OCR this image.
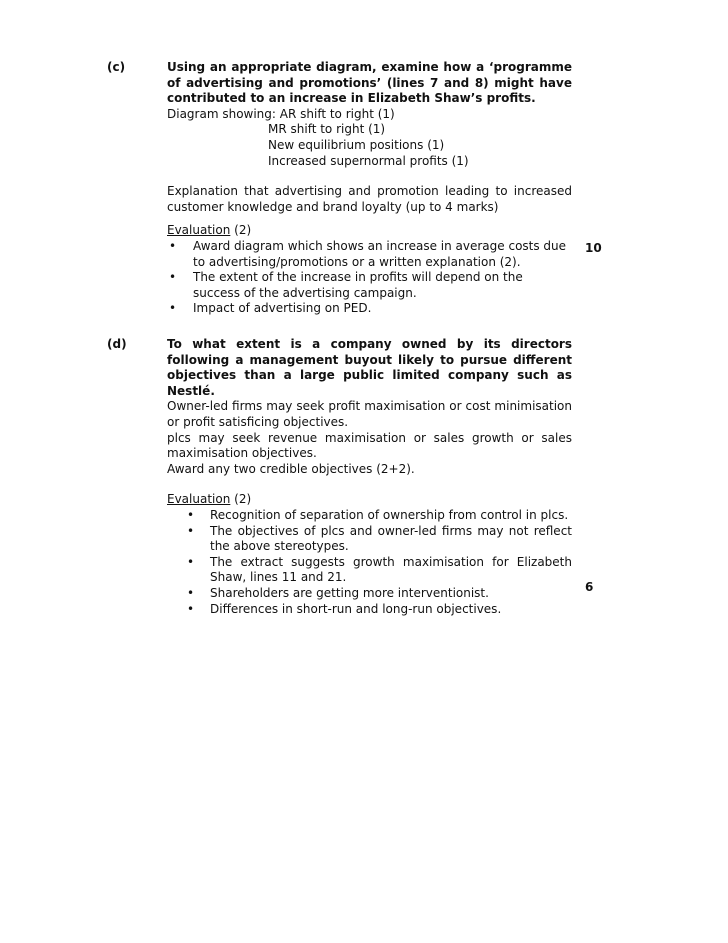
(c)	Using an appropriate diagram, examine how a ‘programme of advertising and promotions’ (lines 7 and 8) might have contributed to an increase in Elizabeth Shaw’s profits.

Diagram showing: AR shift to right (1)

MR shift to right (1)

New equilibrium positions (1)

Increased supernormal profits (1)

Explanation that advertising and promotion leading to increased customer knowledge and brand loyalty (up to 4 marks)

Evaluation (2)

• Award diagram which shows an increase in average costs due to advertising/promotions or a written explanation (2).

• The extent of the increase in profits will depend on the success of the advertising campaign.

• Impact of advertising on PED.

10
(d)	To what extent is a company owned by its directors following a management buyout likely to pursue different objectives than a large public limited company such as Nestlé.

Owner-led firms may seek profit maximisation or cost minimisation or profit satisficing objectives.

plcs may seek revenue maximisation or sales growth or sales maximisation objectives.

Award any two credible objectives (2+2).

Evaluation (2)

• Recognition of separation of ownership from control in plcs.

• The objectives of plcs and owner-led firms may not reflect the above stereotypes.

• The extract suggests growth maximisation for Elizabeth Shaw, lines 11 and 21.

• Shareholders are getting more interventionist.

• Differences in short-run and long-run objectives.

6
